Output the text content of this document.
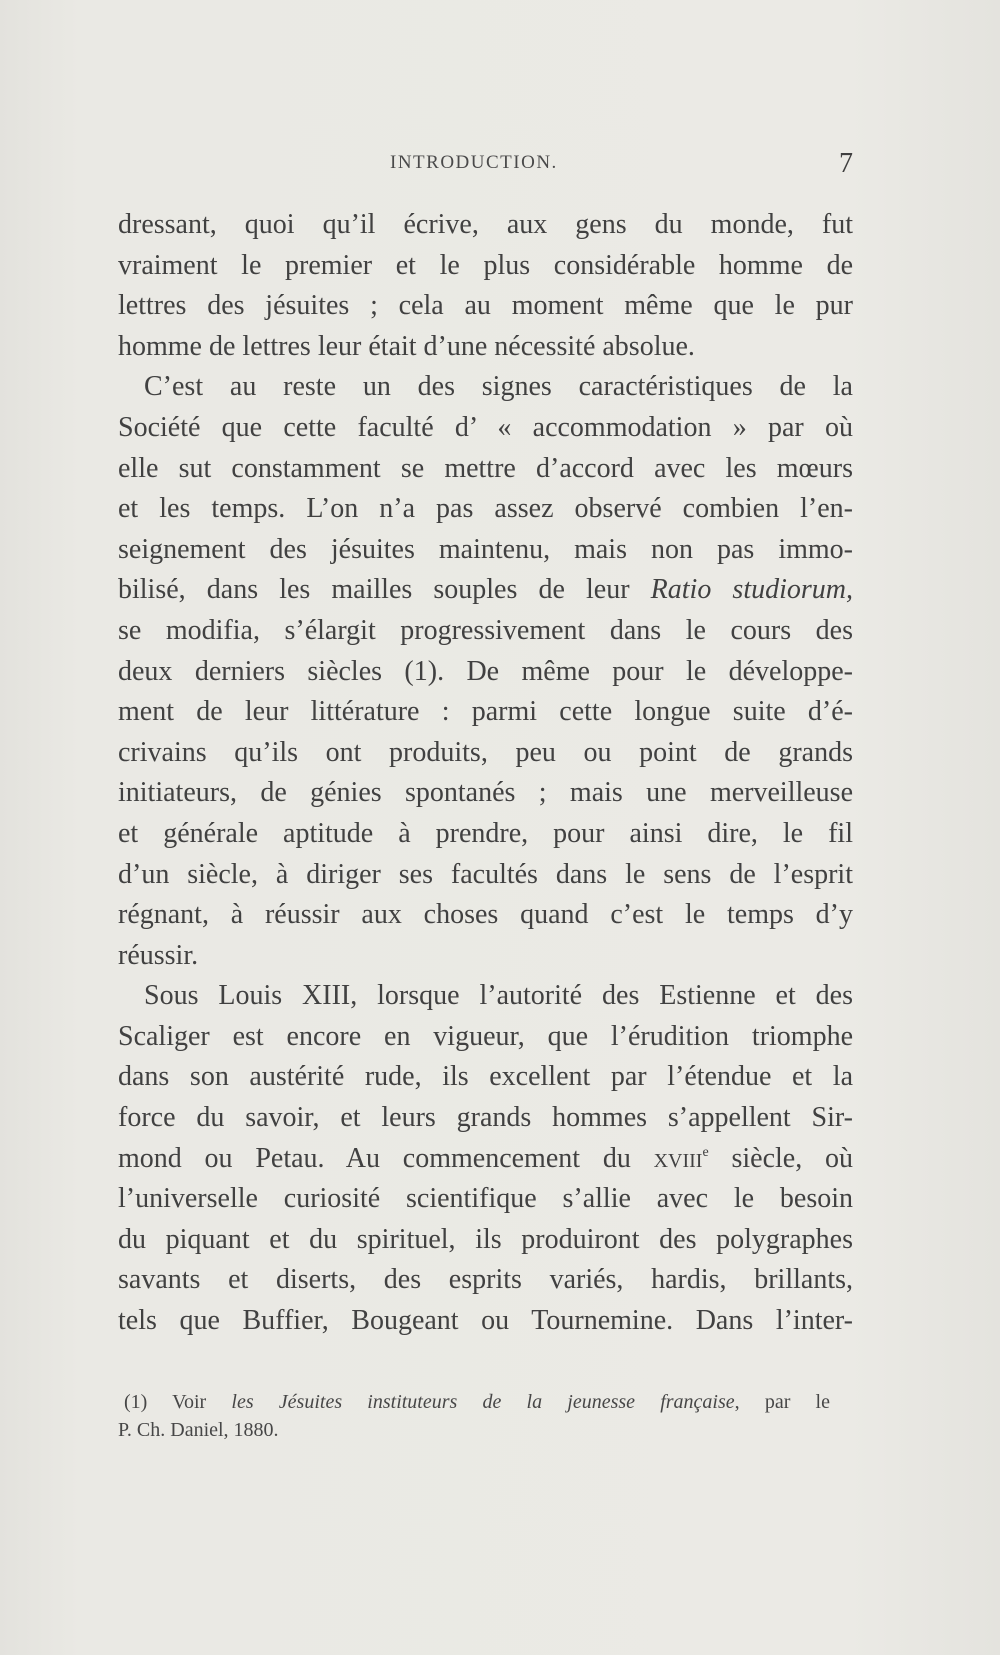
INTRODUCTION.	7
dressant, quoi qu’il écrive, aux gens du monde, fut
vraiment le premier et le plus considérable homme de
lettres des jésuites ; cela au moment même que le pur
homme de lettres leur était d’une nécessité absolue.
C’est au reste un des signes caractéristiques de la
Société que cette faculté d’ « accommodation » par où
elle sut constamment se mettre d’accord avec les mœurs
et les temps. L’on n’a pas assez observé combien l’en-
seignement des jésuites maintenu, mais non pas immo-
bilisé, dans les mailles souples de leur Ratio studiorum,
se modifia, s’élargit progressivement dans le cours des
deux derniers siècles (1). De même pour le développe-
ment de leur littérature : parmi cette longue suite d’é-
crivains qu’ils ont produits, peu ou point de grands
initiateurs, de génies spontanés ; mais une merveilleuse
et générale aptitude à prendre, pour ainsi dire, le fil
d’un siècle, à diriger ses facultés dans le sens de l’esprit
régnant, à réussir aux choses quand c’est le temps d’y
réussir.
Sous Louis XIII, lorsque l’autorité des Estienne et des
Scaliger est encore en vigueur, que l’érudition triomphe
dans son austérité rude, ils excellent par l’étendue et la
force du savoir, et leurs grands hommes s’appellent Sir-
mond ou Petau. Au commencement du xviii$^e$ siècle, où
l’universelle curiosité scientifique s’allie avec le besoin
du piquant et du spirituel, ils produiront des polygraphes
savants et diserts, des esprits variés, hardis, brillants,
tels que Buffier, Bougeant ou Tournemine. Dans l’inter-
(1) Voir les Jésuites instituteurs de la jeunesse française, par le
P. Ch. Daniel, 1880.
